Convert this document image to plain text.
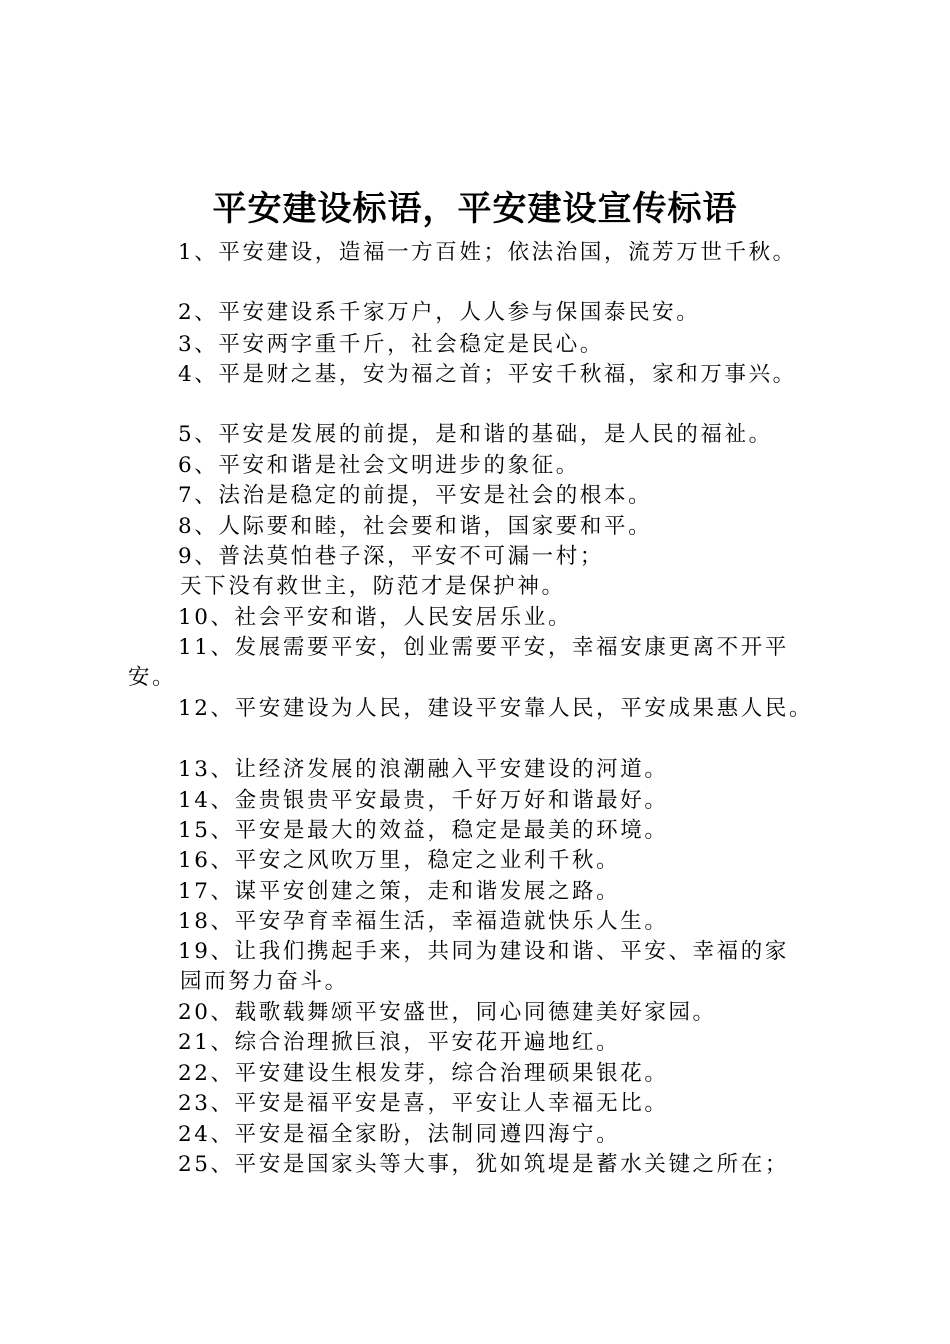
平安建设标语，平安建设宣传标语

1、平安建设，造福一方百姓；依法治国，流芳万世千秋。

2、平安建设系千家万户，人人参与保国泰民安。

3、平安两字重千斤，社会稳定是民心。

4、平是财之基，安为福之首；平安千秋福，家和万事兴。

5、平安是发展的前提，是和谐的基础，是人民的福祉。

6、平安和谐是社会文明进步的象征。

7、法治是稳定的前提，平安是社会的根本。

8、人际要和睦，社会要和谐，国家要和平。

9、普法莫怕巷子深，平安不可漏一村；

天下没有救世主，防范才是保护神。

10、社会平安和谐，人民安居乐业。

11、发展需要平安，创业需要平安，幸福安康更离不开平

安。

12、平安建设为人民，建设平安靠人民，平安成果惠人民。

13、让经济发展的浪潮融入平安建设的河道。

14、金贵银贵平安最贵，千好万好和谐最好。

15、平安是最大的效益，稳定是最美的环境。

16、平安之风吹万里，稳定之业利千秋。

17、谋平安创建之策，走和谐发展之路。

18、平安孕育幸福生活，幸福造就快乐人生。

19、让我们携起手来，共同为建设和谐、平安、幸福的家

园而努力奋斗。

20、载歌载舞颂平安盛世，同心同德建美好家园。

21、综合治理掀巨浪，平安花开遍地红。

22、平安建设生根发芽，综合治理硕果银花。

23、平安是福平安是喜，平安让人幸福无比。

24、平安是福全家盼，法制同遵四海宁。

25、平安是国家头等大事，犹如筑堤是蓄水关键之所在；
